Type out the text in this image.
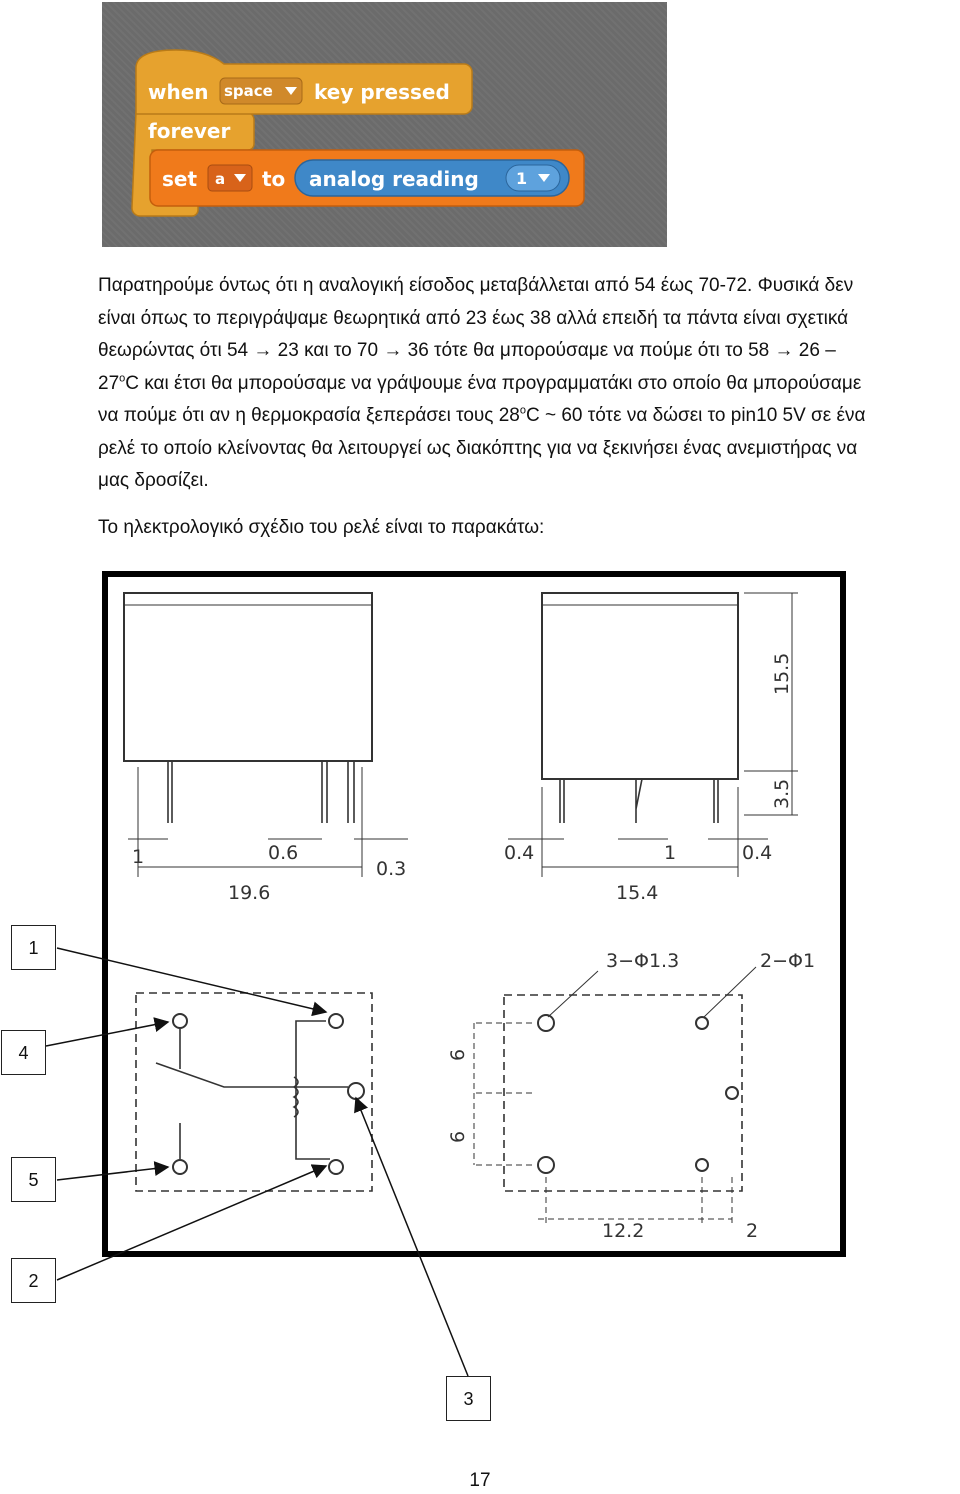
when space key pressed
forever
set a to analog reading 1

Παρατηρούμε όντως ότι η αναλογική είσοδος μεταβάλλεται από 54 έως 70-72. Φυσικά δεν

είναι όπως το περιγράψαμε θεωρητικά από 23 έως 38 αλλά επειδή τα πάντα είναι σχετικά

θεωρώντας ότι 54 → 23 και το 70 → 36 τότε θα μπορούσαμε να πούμε ότι το 58 → 26 –

27$^o$C και έτσι θα μπορούσαμε να γράψουμε ένα προγραμματάκι στο οποίο θα μπορούσαμε

να πούμε ότι αν η θερμοκρασία ξεπεράσει τους 28$^o$C ~ 60 τότε να δώσει το pin10 5V σε ένα

ρελέ το οποίο κλείνοντας θα λειτουργεί ως διακόπτης για να ξεκινήσει ένας ανεμιστήρας να

μας δροσίζει.

Το ηλεκτρολογικό σχέδιο του ρελέ είναι το παρακάτω:
1	0.6
0.3
19.6
0.4	1	0.4
15.4
15.5
3.5
3−Φ1.3	2−Φ1
6
6
12.2	2
1
4
5
2
3
17
